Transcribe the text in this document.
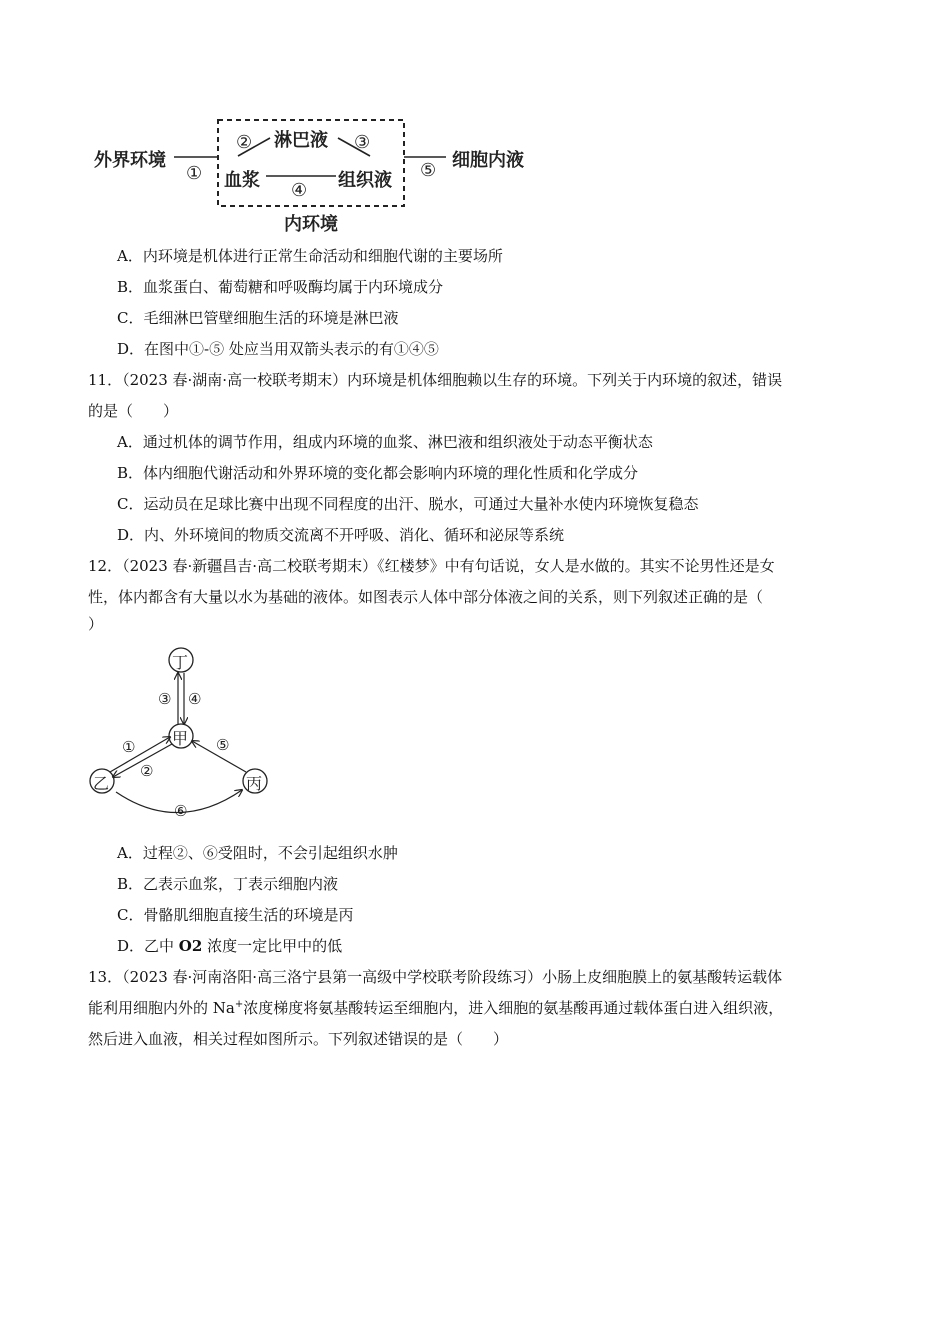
外界环境
①
② 淋巴液 ③
血浆 ④ 组织液 ⑤ 细胞内液
内环境
A．内环境是机体进行正常生命活动和细胞代谢的主要场所
B．血浆蛋白、葡萄糖和呼吸酶均属于内环境成分
C．毛细淋巴管壁细胞生活的环境是淋巴液
D．在图中①-⑤ 处应当用双箭头表示的有①④⑤
11．（2023 春·湖南·高一校联考期末）内环境是机体细胞赖以生存的环境。下列关于内环境的叙述，错误
的是（　　）
A．通过机体的调节作用，组成内环境的血浆、淋巴液和组织液处于动态平衡状态
B．体内细胞代谢活动和外界环境的变化都会影响内环境的理化性质和化学成分
C．运动员在足球比赛中出现不同程度的出汗、脱水，可通过大量补水使内环境恢复稳态
D．内、外环境间的物质交流离不开呼吸、消化、循环和泌尿等系统
12．（2023 春·新疆昌吉·高二校联考期末）《红楼梦》中有句话说，女人是水做的。其实不论男性还是女
性，体内都含有大量以水为基础的液体。如图表示人体中部分体液之间的关系，则下列叙述正确的是（
）
丁
甲
乙	丙
③ ④
①
②
⑤
⑥
A．过程②、⑥受阻时，不会引起组织水肿
B．乙表示血浆，丁表示细胞内液
C．骨骼肌细胞直接生活的环境是丙
D．乙中 O2 浓度一定比甲中的低
13．（2023 春·河南洛阳·高三洛宁县第一高级中学校联考阶段练习）小肠上皮细胞膜上的氨基酸转运载体
能利用细胞内外的 Na+浓度梯度将氨基酸转运至细胞内，进入细胞的氨基酸再通过载体蛋白进入组织液，
然后进入血液，相关过程如图所示。下列叙述错误的是（　　）
